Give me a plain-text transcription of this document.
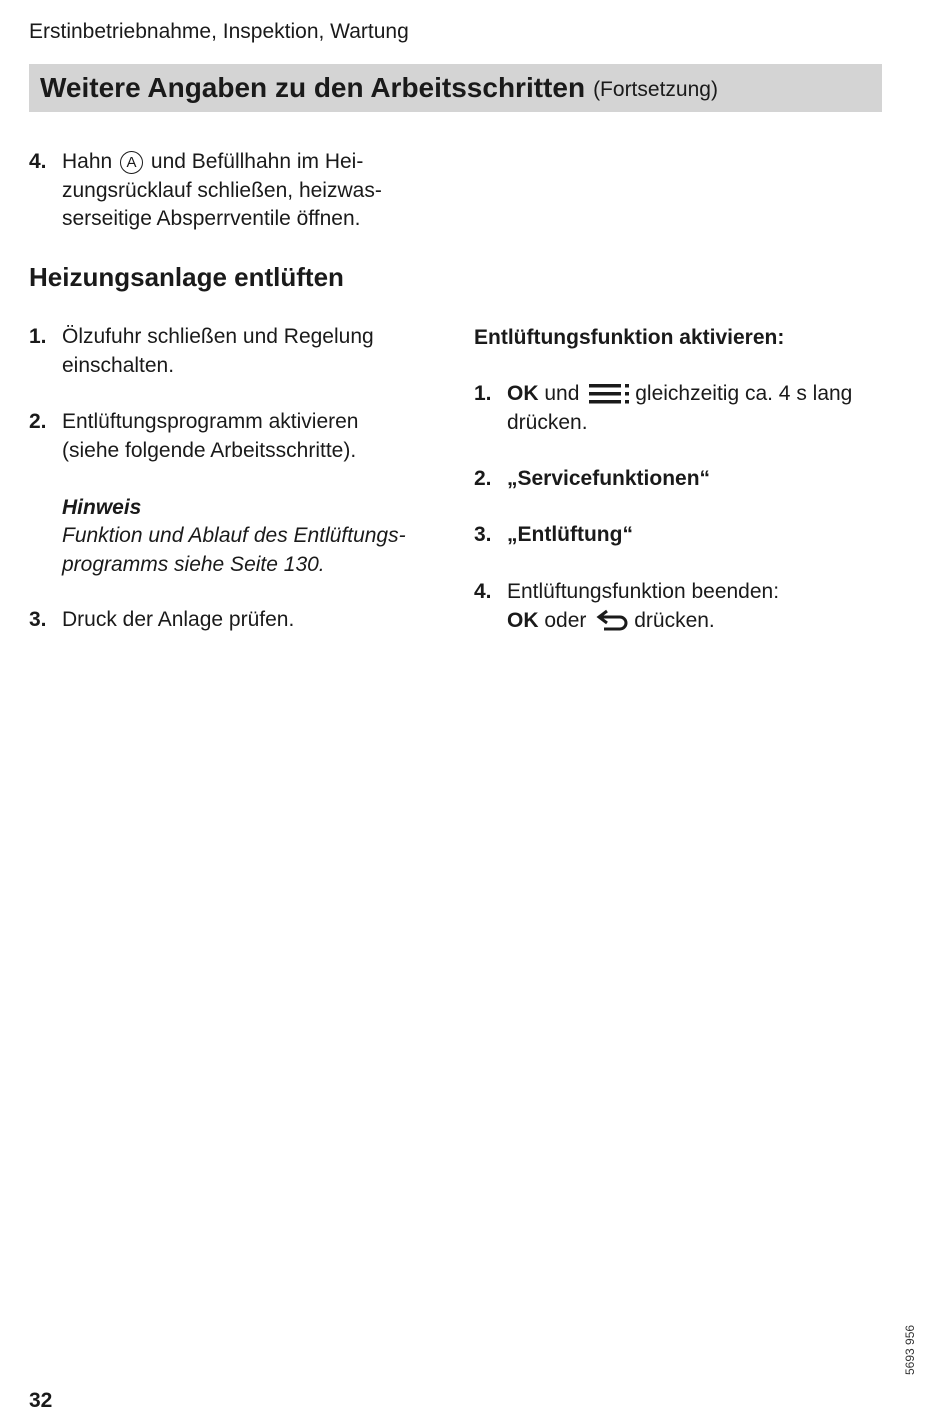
Erstinbetriebnahme, Inspektion, Wartung
Weitere Angaben zu den Arbeitsschritten (Fortsetzung)
4. Hahn A und Befüllhahn im Hei-
zungsrücklauf schließen, heizwas-
serseitige Absperrventile öffnen.
Heizungsanlage entlüften
1. Ölzufuhr schließen und Regelung
einschalten.
2. Entlüftungsprogramm aktivieren
(siehe folgende Arbeitsschritte).
Hinweis
Funktion und Ablauf des Entlüftungs-
programms siehe Seite 130.
3. Druck der Anlage prüfen.
Entlüftungsfunktion aktivieren:
1. OK und	gleichzeitig ca. 4 s lang
drücken.
2. „Servicefunktionen“
3. „Entlüftung“
4. Entlüftungsfunktion beenden:
OK oder drücken.
32
5693 956
